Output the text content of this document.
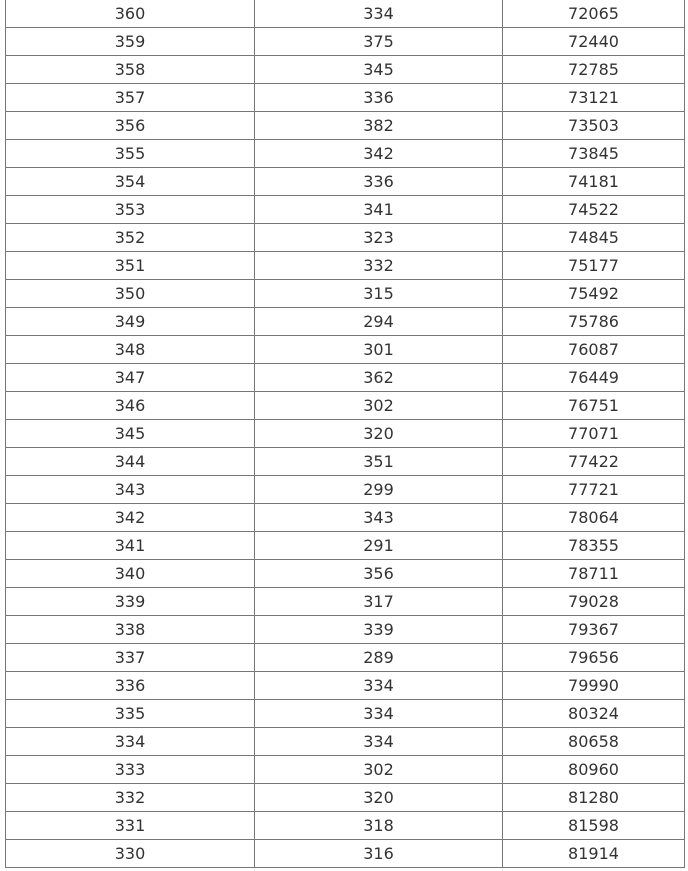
360	334	72065
359	375	72440
358	345	72785
357	336	73121
356	382	73503
355	342	73845
354	336	74181
353	341	74522
352	323	74845
351	332	75177
350	315	75492
349	294	75786
348	301	76087
347	362	76449
346	302	76751
345	320	77071
344	351	77422
343	299	77721
342	343	78064
341	291	78355
340	356	78711
339	317	79028
338	339	79367
337	289	79656
336	334	79990
335	334	80324
334	334	80658
333	302	80960
332	320	81280
331	318	81598
330	316	81914
